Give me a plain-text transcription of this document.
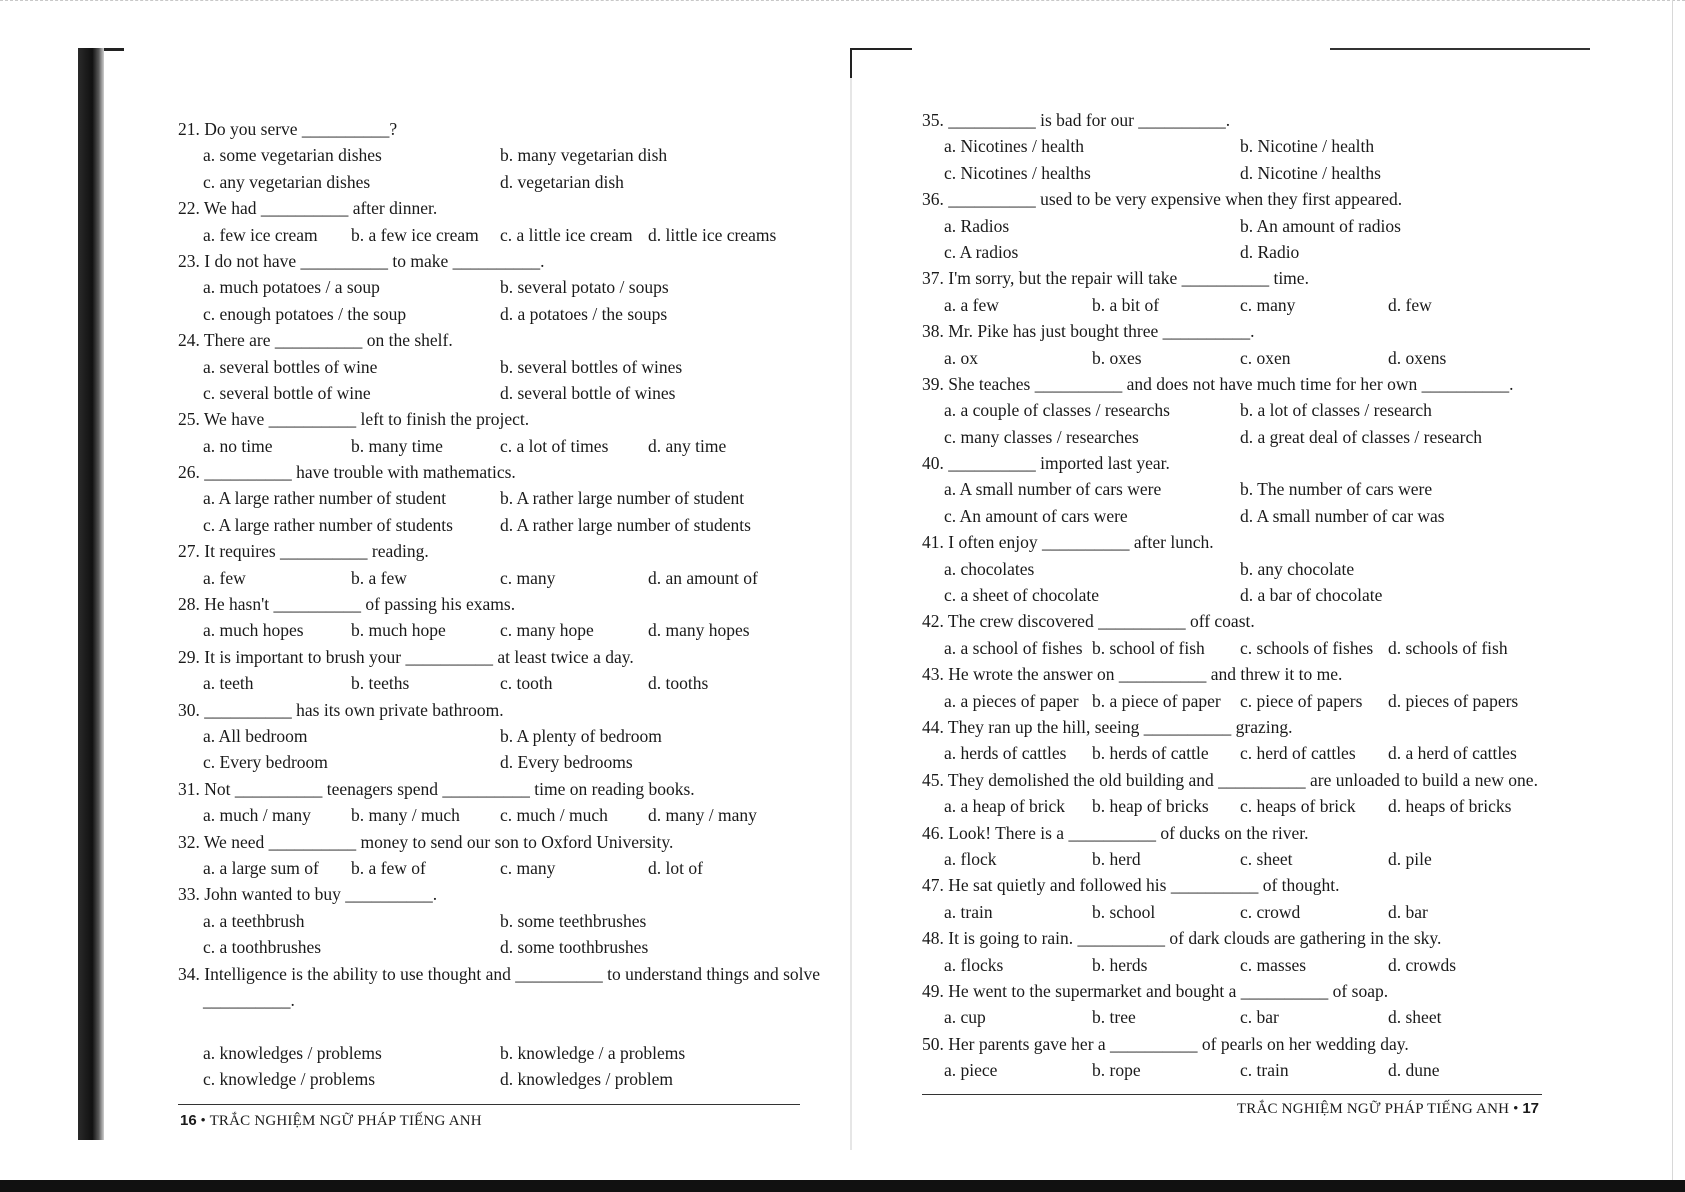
21. Do you serve __________?
a. some vegetarian dishes	b. many vegetarian dish
c. any vegetarian dishes	d. vegetarian dish
22. We had __________ after dinner.
a. few ice cream b. a few ice cream c. a little ice cream d. little ice creams
23. I do not have __________ to make __________.
a. much potatoes / a soup	b. several potato / soups
c. enough potatoes / the soup	d. a potatoes / the soups
24. There are __________ on the shelf.
a. several bottles of wine	b. several bottles of wines
c. several bottle of wine	d. several bottle of wines
25. We have __________ left to finish the project.
a. no time	b. many time	c. a lot of times d. any time
26. __________ have trouble with mathematics.
a. A large rather number of student	b. A rather large number of student
c. A large rather number of students	d. A rather large number of students
27. It requires __________ reading.
a. few	b. a few	c. many	d. an amount of
28. He hasn't __________ of passing his exams.
a. much hopes	b. much hope	c. many hope	d. many hopes
29. It is important to brush your __________ at least twice a day.
a. teeth	b. teeths	c. tooth	d. tooths
30. __________ has its own private bathroom.
a. All bedroom	b. A plenty of bedroom
c. Every bedroom	d. Every bedrooms
31. Not __________ teenagers spend __________ time on reading books.
a. much / many b. many / much c. much / much d. many / many
32. We need __________ money to send our son to Oxford University.
a. a large sum of b. a few of	c. many	d. lot of
33. John wanted to buy __________.
a. a teethbrush	b. some teethbrushes
c. a toothbrushes	d. some toothbrushes
34. Intelligence is the ability to use thought and __________ to understand things and solve
__________.
a. knowledges / problems	b. knowledge / a problems
c. knowledge / problems	d. knowledges / problem
35. __________ is bad for our __________.
a. Nicotines / health	b. Nicotine / health
c. Nicotines / healths	d. Nicotine / healths
36. __________ used to be very expensive when they first appeared.
a. Radios	b. An amount of radios
c. A radios	d. Radio
37. I'm sorry, but the repair will take __________ time.
a. a few	b. a bit of	c. many	d. few
38. Mr. Pike has just bought three __________.
a. ox	b. oxes	c. oxen	d. oxens
39. She teaches __________ and does not have much time for her own __________.
a. a couple of classes / researchs	b. a lot of classes / research
c. many classes / researches	d. a great deal of classes / research
40. __________ imported last year.
a. A small number of cars were	b. The number of cars were
c. An amount of cars were	d. A small number of car was
41. I often enjoy __________ after lunch.
a. chocolates	b. any chocolate
c. a sheet of chocolate	d. a bar of chocolate
42. The crew discovered __________ off coast.
a. a school of fishes b. school of fish c. schools of fishes d. schools of fish
43. He wrote the answer on __________ and threw it to me.
a. a pieces of paper b. a piece of paper c. piece of papers d. pieces of papers
44. They ran up the hill, seeing __________ grazing.
a. herds of cattles b. herds of cattle c. herd of cattles d. a herd of cattles
45. They demolished the old building and __________ are unloaded to build a new one.
a. a heap of brick b. heap of bricks c. heaps of brick d. heaps of bricks
46. Look! There is a __________ of ducks on the river.
a. flock	b. herd	c. sheet	d. pile
47. He sat quietly and followed his __________ of thought.
a. train	b. school	c. crowd	d. bar
48. It is going to rain. __________ of dark clouds are gathering in the sky.
a. flocks	b. herds	c. masses	d. crowds
49. He went to the supermarket and bought a __________ of soap.
a. cup	b. tree	c. bar	d. sheet
50. Her parents gave her a __________ of pearls on her wedding day.
a. piece	b. rope	c. train	d. dune
16 • TRẮC NGHIỆM NGỮ PHÁP TIẾNG ANH
TRẮC NGHIỆM NGỮ PHÁP TIẾNG ANH • 17
